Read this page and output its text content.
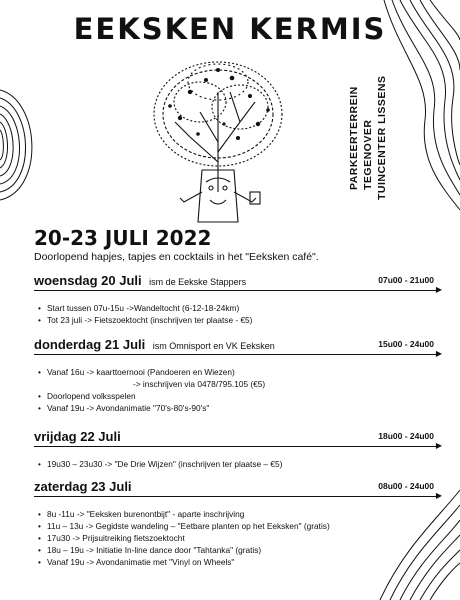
EEKSKEN KERMIS
PARKEERTERREIN TEGENOVER TUINCENTER LISSENS
20-23 JULI 2022
Doorlopend hapjes, tapjes en cocktails in het "Eeksken café".
woensdag 20 Juli ism de Eekske Stappers	07u00 - 21u00
▶
• Start tussen 07u-15u ->Wandeltocht (6-12-18-24km)
• Tot 23 juli -> Fietszoektocht (inschrijven ter plaatse - €5)
donderdag 21 Juli ism Omnisport en VK Eeksken	15u00 - 24u00
▶
• Vanaf 16u -> kaarttoernooi (Pandoeren en Wiezen)
-> inschrijven via 0478/795.105 (€5)
• Doorlopend volksspelen
• Vanaf 19u -> Avondanimatie "70's-80's-90's"
vrijdag 22 Juli	18u00 - 24u00
▶
• 19u30 – 23u30 -> "De Drie Wijzen" (inschrijven ter plaatse – €5)
zaterdag 23 Juli	08u00 - 24u00
▶
• 8u -11u -> "Eeksken burenontbijt" - aparte inschrijving
• 11u – 13u -> Gegidste wandeling – "Eetbare planten op het Eeksken" (gratis)
• 17u30 -> Prijsuitreiking fietszoektocht
• 18u – 19u -> Initiatie In-line dance door "Tahtanka" (gratis)
• Vanaf 19u -> Avondanimatie met "Vinyl on Wheels"
